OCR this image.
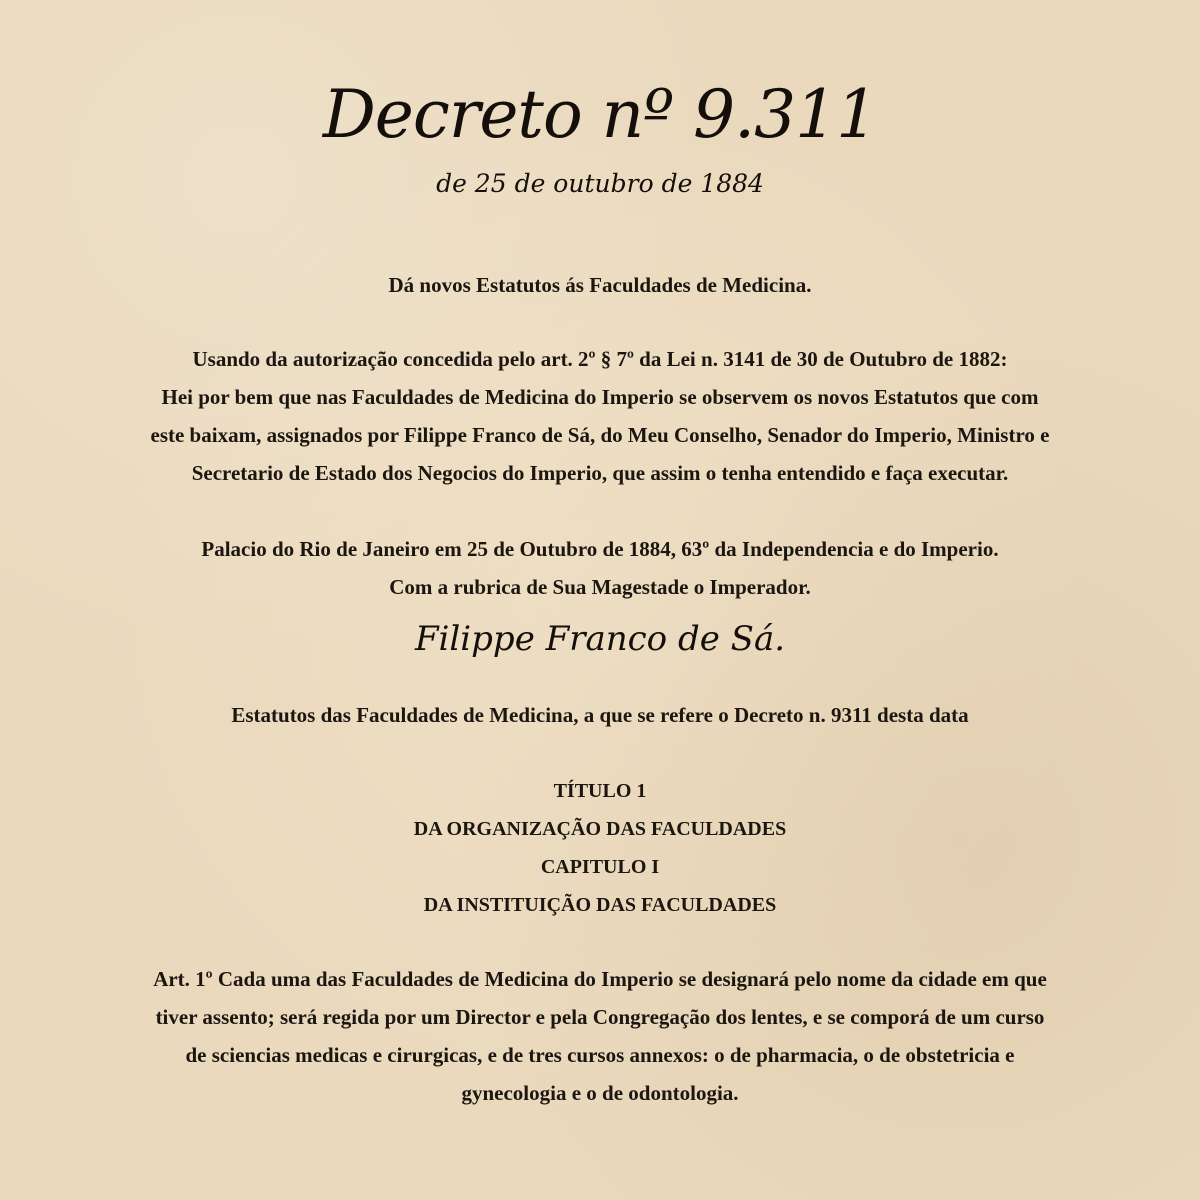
Decreto nº 9.311
de 25 de outubro de 1884
Dá novos Estatutos ás Faculdades de Medicina.
Usando da autorização concedida pelo art. 2º § 7º da Lei n. 3141 de 30 de Outubro de 1882:
Hei por bem que nas Faculdades de Medicina do Imperio se observem os novos Estatutos que com
este baixam, assignados por Filippe Franco de Sá, do Meu Conselho, Senador do Imperio, Ministro e
Secretario de Estado dos Negocios do Imperio, que assim o tenha entendido e faça executar.
Palacio do Rio de Janeiro em 25 de Outubro de 1884, 63º da Independencia e do Imperio.
Com a rubrica de Sua Magestade o Imperador.
Filippe Franco de Sá.
Estatutos das Faculdades de Medicina, a que se refere o Decreto n. 9311 desta data
TÍTULO 1
DA ORGANIZAÇÃO DAS FACULDADES
CAPITULO I
DA INSTITUIÇÃO DAS FACULDADES
Art. 1º Cada uma das Faculdades de Medicina do Imperio se designará pelo nome da cidade em que
tiver assento; será regida por um Director e pela Congregação dos lentes, e se comporá de um curso
de sciencias medicas e cirurgicas, e de tres cursos annexos: o de pharmacia, o de obstetricia e
gynecologia e o de odontologia.
